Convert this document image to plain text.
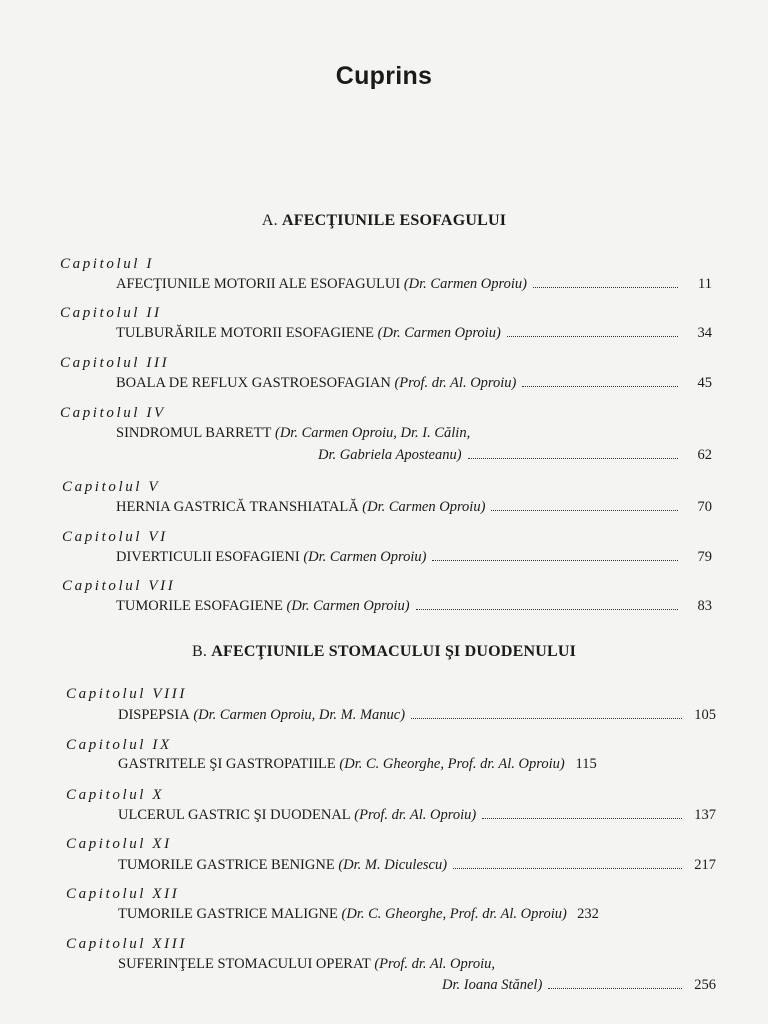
Cuprins
A. AFECŢIUNILE ESOFAGULUI
Capitolul I
AFECŢIUNILE MOTORII ALE ESOFAGULUI
(Dr. Carmen Oproiu)	11
Capitolul II
TULBURĂRILE MOTORII ESOFAGIENE
(Dr. Carmen Oproiu)	34
Capitolul III
BOALA DE REFLUX GASTROESOFAGIAN
(Prof. dr. Al. Oproiu)	45
Capitolul IV
SINDROMUL BARRETT (Dr. Carmen Oproiu, Dr. I. Călin,
Dr. Gabriela Aposteanu)	62
Capitolul V
HERNIA GASTRICĂ TRANSHIATALĂ
(Dr. Carmen Oproiu)	70
Capitolul VI
DIVERTICULII ESOFAGIENI
(Dr. Carmen Oproiu)	79
Capitolul VII
TUMORILE ESOFAGIENE
(Dr. Carmen Oproiu)	83
B. AFECŢIUNILE STOMACULUI ŞI DUODENULUI
Capitolul VIII
DISPEPSIA
(Dr. Carmen Oproiu, Dr. M. Manuc)	105
Capitolul IX
GASTRITELE ŞI GASTROPATIILE
(Dr. C. Gheorghe, Prof. dr. Al. Oproiu) 115
Capitolul X
ULCERUL GASTRIC ŞI DUODENAL
(Prof. dr. Al. Oproiu)	137
Capitolul XI
TUMORILE GASTRICE BENIGNE
(Dr. M. Diculescu)	217
Capitolul XII
TUMORILE GASTRICE MALIGNE
(Dr. C. Gheorghe, Prof. dr. Al. Oproiu) 232
Capitolul XIII
SUFERINŢELE STOMACULUI OPERAT (Prof. dr. Al. Oproiu,
Dr. Ioana Stănel)	256
